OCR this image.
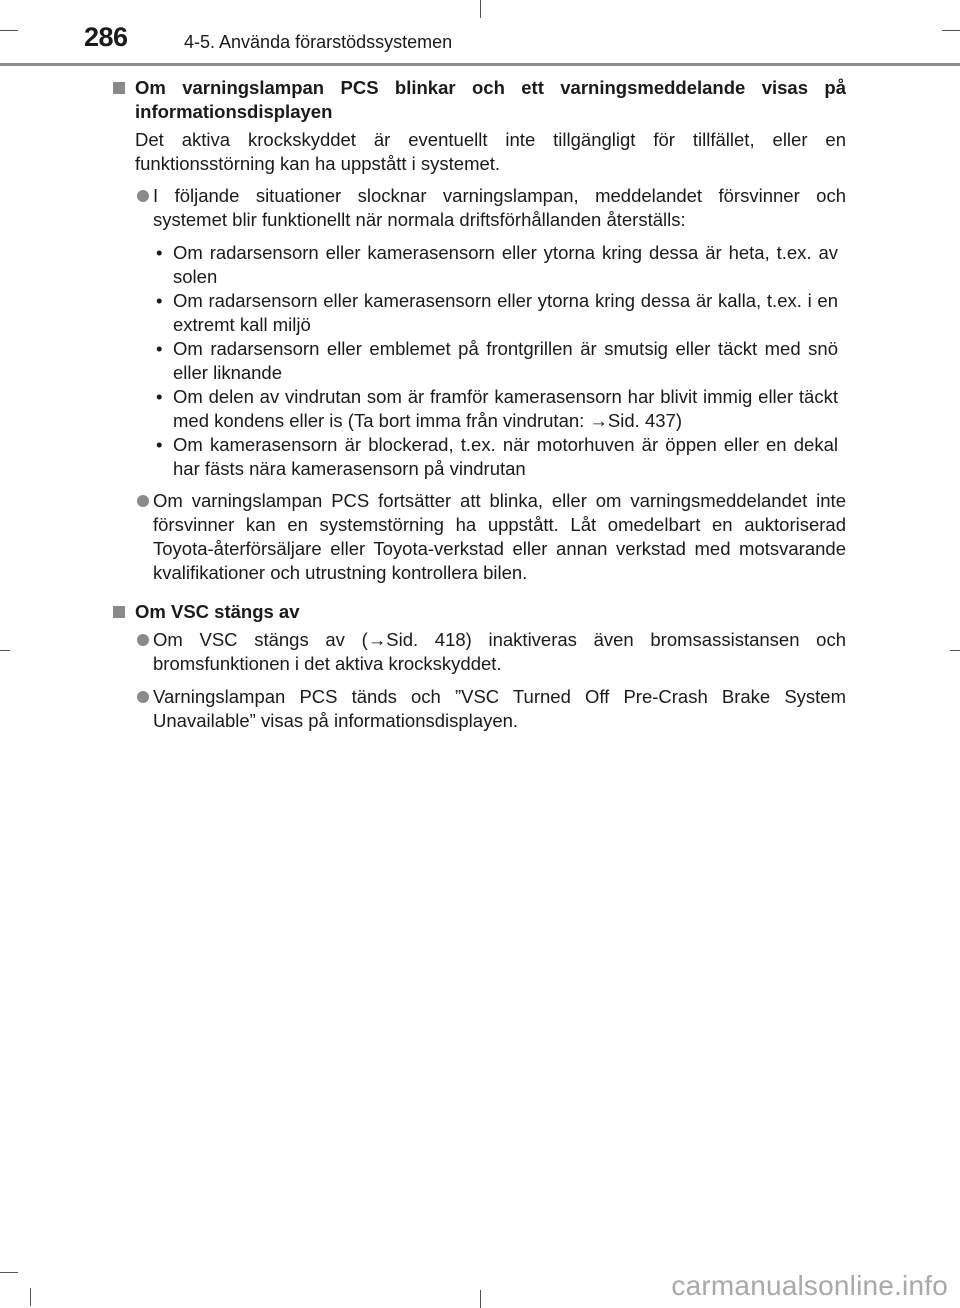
286	4-5. Använda förarstödssystemen
Om varningslampan PCS blinkar och ett varningsmeddelande visas på informationsdisplayen
Det aktiva krockskyddet är eventuellt inte tillgängligt för tillfället, eller en funktionsstörning kan ha uppstått i systemet.
I följande situationer slocknar varningslampan, meddelandet försvinner och systemet blir funktionellt när normala driftsförhållanden återställs:
• Om radarsensorn eller kamerasensorn eller ytorna kring dessa är heta, t.ex. av solen
• Om radarsensorn eller kamerasensorn eller ytorna kring dessa är kalla, t.ex. i en extremt kall miljö
• Om radarsensorn eller emblemet på frontgrillen är smutsig eller täckt med snö eller liknande
• Om delen av vindrutan som är framför kamerasensorn har blivit immig eller täckt med kondens eller is (Ta bort imma från vindrutan: →Sid. 437)
• Om kamerasensorn är blockerad, t.ex. när motorhuven är öppen eller en dekal har fästs nära kamerasensorn på vindrutan
Om varningslampan PCS fortsätter att blinka, eller om varningsmeddelandet inte försvinner kan en systemstörning ha uppstått. Låt omedelbart en auktoriserad Toyota-återförsäljare eller Toyota-verkstad eller annan verkstad med motsvarande kvalifikationer och utrustning kontrollera bilen.
Om VSC stängs av
Om VSC stängs av (→Sid. 418) inaktiveras även bromsassistansen och bromsfunktionen i det aktiva krockskyddet.
Varningslampan PCS tänds och ”VSC Turned Off Pre-Crash Brake System Unavailable” visas på informationsdisplayen.
carmanualsonline.info
